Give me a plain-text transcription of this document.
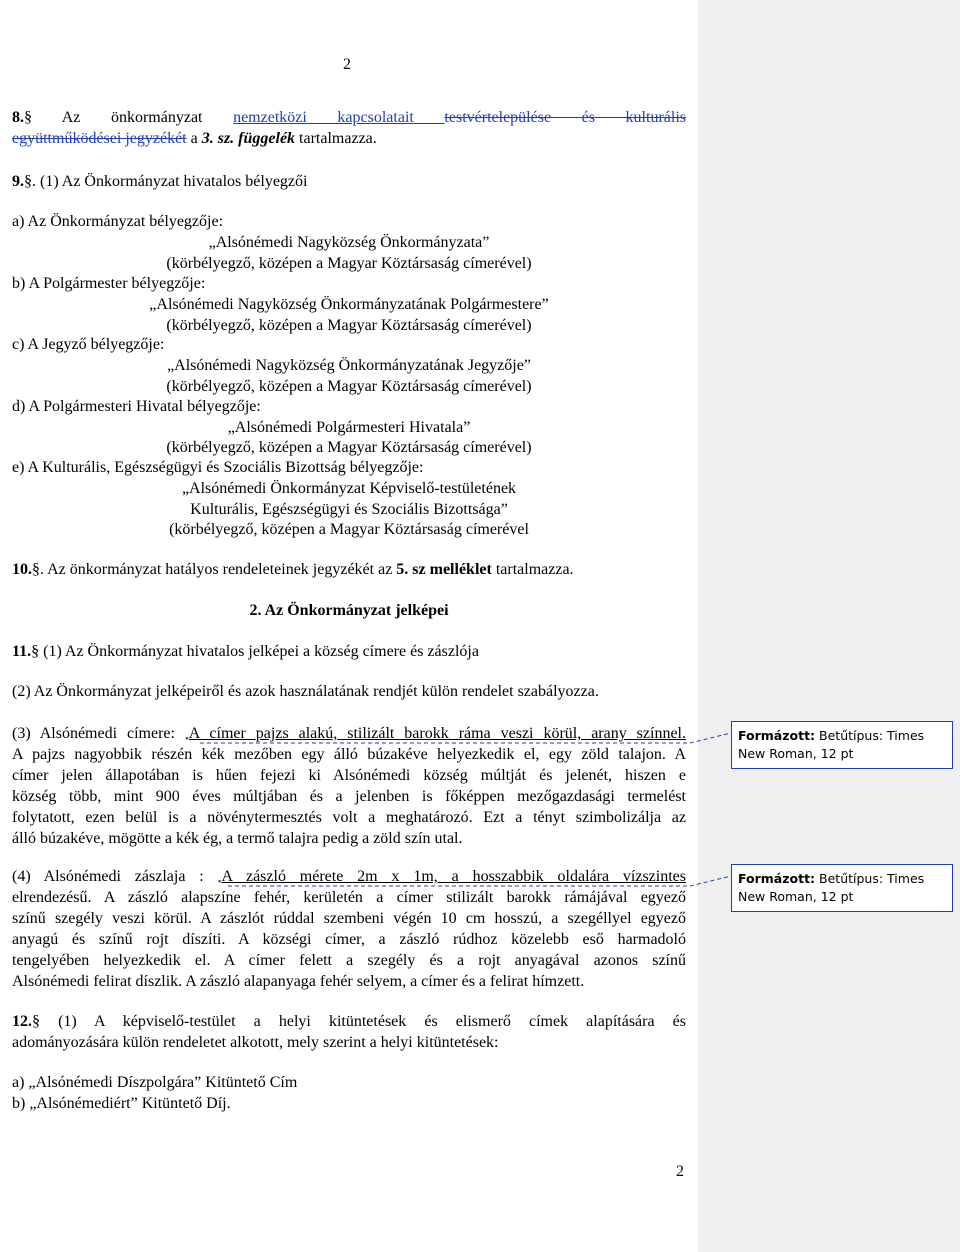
2
8.§ Az önkormányzat nemzetközi kapcsolatait testvértelepülése és kulturális
együttműködései jegyzékét a 3. sz. függelék tartalmazza.
9.§. (1) Az Önkormányzat hivatalos bélyegzői
a) Az Önkormányzat bélyegzője:
„Alsónémedi Nagyközség Önkormányzata”
(körbélyegző, középen a Magyar Köztársaság címerével)
b) A Polgármester bélyegzője:
„Alsónémedi Nagyközség Önkormányzatának Polgármestere”
(körbélyegző, középen a Magyar Köztársaság címerével)
c) A Jegyző bélyegzője:
„Alsónémedi Nagyközség Önkormányzatának Jegyzője”
(körbélyegző, középen a Magyar Köztársaság címerével)
d) A Polgármesteri Hivatal bélyegzője:
„Alsónémedi Polgármesteri Hivatala”
(körbélyegző, középen a Magyar Köztársaság címerével)
e) A Kulturális, Egészségügyi és Szociális Bizottság bélyegzője:
„Alsónémedi Önkormányzat Képviselő-testületének
Kulturális, Egészségügyi és Szociális Bizottsága”
(körbélyegző, középen a Magyar Köztársaság címerével
10.§. Az önkormányzat hatályos rendeleteinek jegyzékét az 5. sz melléklet tartalmazza.
2. Az Önkormányzat jelképei
11.§ (1) Az Önkormányzat hivatalos jelképei a község címere és zászlója
(2) Az Önkormányzat jelképeiről és azok használatának rendjét külön rendelet szabályozza.
(3) Alsónémedi címere: $_•$A címer pajzs alakú, stilizált barokk ráma veszi körül, arany színnel.
A pajzs nagyobbik részén kék mezőben egy álló búzakéve helyezkedik el, egy zöld talajon. A
címer jelen állapotában is hűen fejezi ki Alsónémedi község múltját és jelenét, hiszen e
község több, mint 900 éves múltjában és a jelenben is főképpen mezőgazdasági termelést
folytatott, ezen belül is a növénytermesztés volt a meghatározó. Ezt a tényt szimbolizálja az
álló búzakéve, mögötte a kék ég, a termő talajra pedig a zöld szín utal.
(4) Alsónémedi zászlaja : $_•$A zászló mérete 2m x 1m, a hosszabbik oldalára vízszintes
elrendezésű. A zászló alapszíne fehér, kerületén a címer stilizált barokk rámájával egyező
színű szegély veszi körül. A zászlót rúddal szembeni végén 10 cm hosszú, a szegéllyel egyező
anyagú és színű rojt díszíti. A községi címer, a zászló rúdhoz közelebb eső harmadoló
tengelyében helyezkedik el. A címer felett a szegély és a rojt anyagával azonos színű
Alsónémedi felirat díszlik. A zászló alapanyaga fehér selyem, a címer és a felirat hímzett.
12.§ (1) A képviselő-testület a helyi kitüntetések és elismerő címek alapítására és
adományozására külön rendeletet alkotott, mely szerint a helyi kitüntetések:
a) „Alsónémedi Díszpolgára” Kitüntető Cím
b) „Alsónémediért” Kitüntető Díj.
Formázott: Betűtípus: Times New Roman, 12 pt
Formázott: Betűtípus: Times New Roman, 12 pt
2
